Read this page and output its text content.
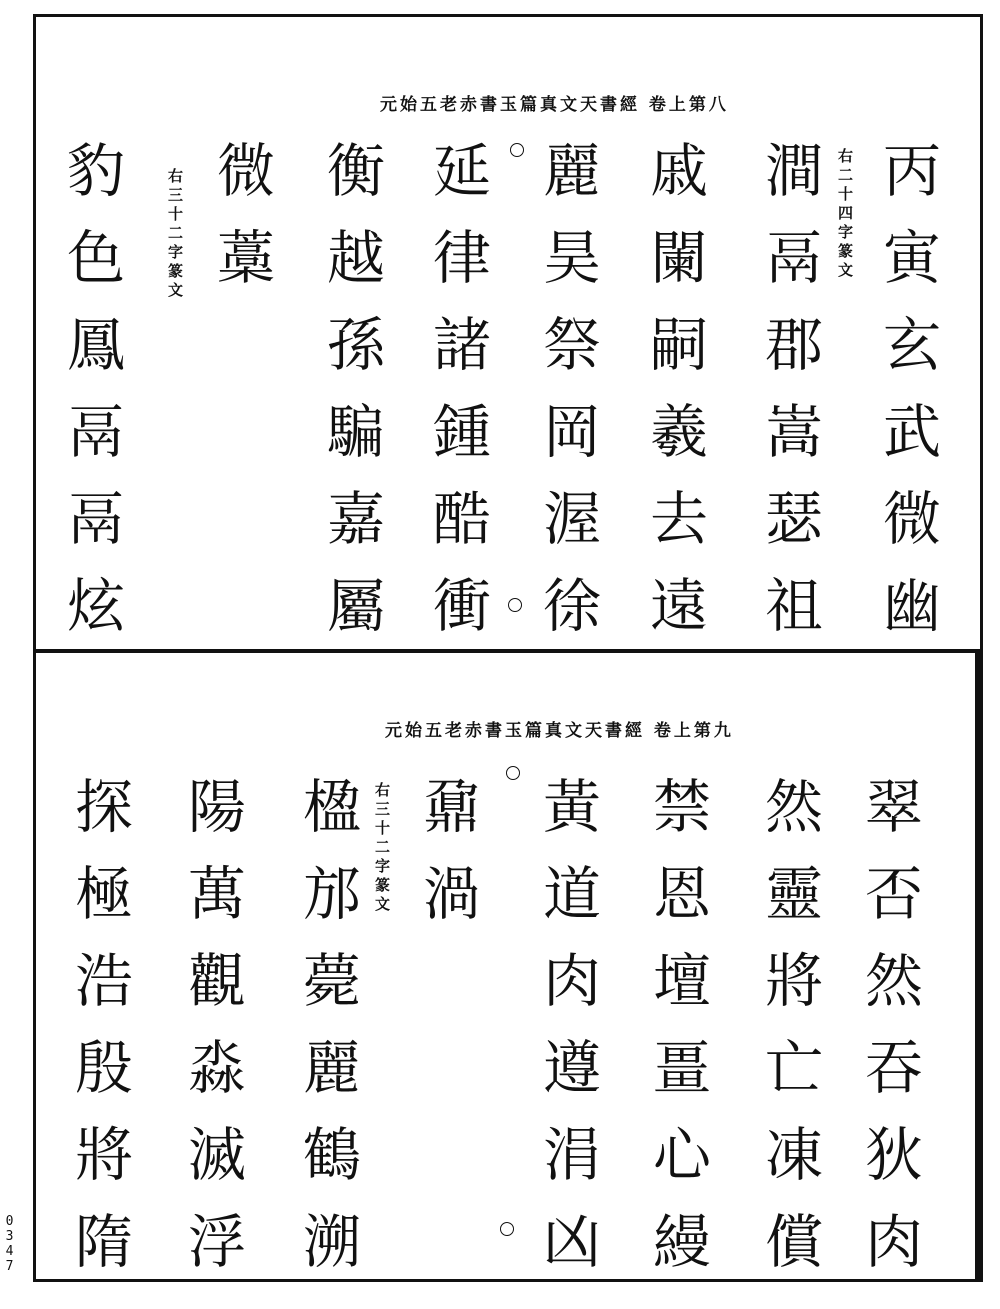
元始五老赤書玉篇真文天書經 卷上第八
丙寅玄武微幽
右二十四字篆文
澗鬲郡嵩瑟祖
戚闌嗣羲去遠
麗昊祭岡渥徐
延律諸鍾酷衝
衡越孫騙嘉屬
微藁
右三十二字篆文
豹色鳳鬲鬲炫
元始五老赤書玉篇真文天書經 卷上第九
翠否然吞狄肉
然靈將亡凍償
禁恩壇畺心縵
黃道肉遵涓凶
鼐渦
右三十二字篆文
楹邡薨麗鶴溯
陽萬觀淼滅浮
探極浩殷將隋
0347
